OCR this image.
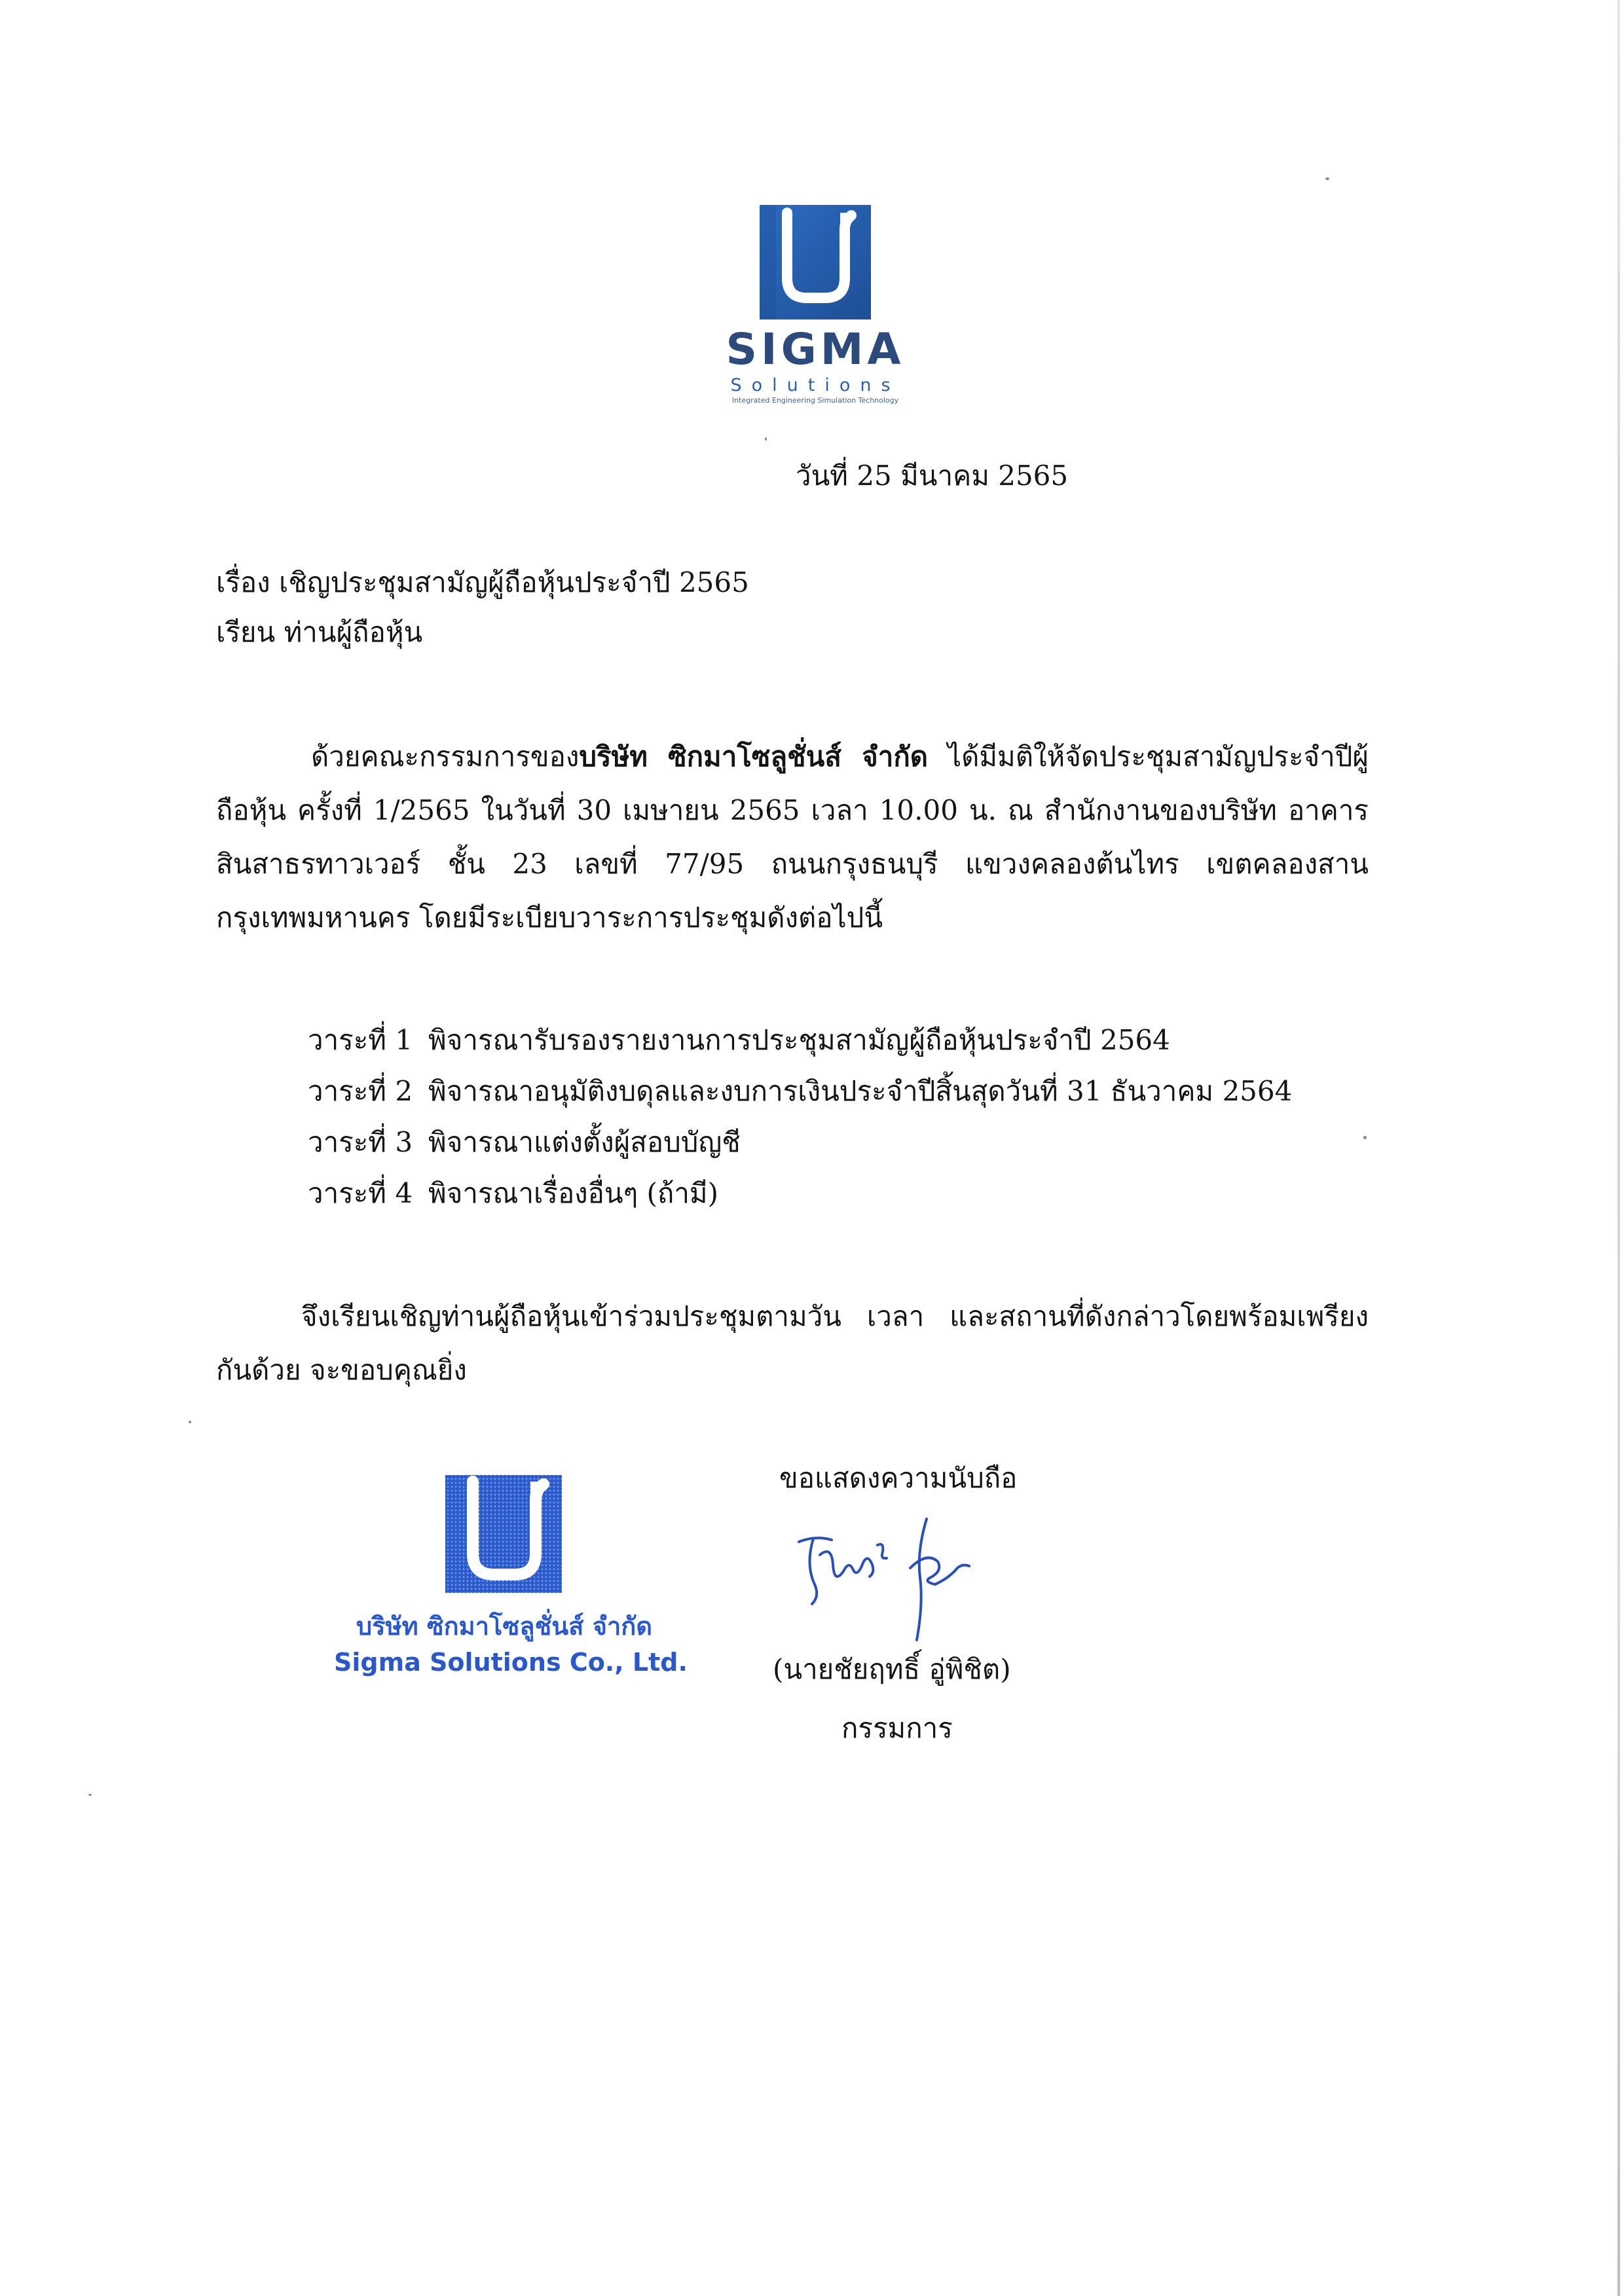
SIGMA
Solutions
Integrated Engineering Simulation Technology
วันที่ 25 มีนาคม 2565
เรื่อง เชิญประชุมสามัญผู้ถือหุ้นประจำปี 2565
เรียน ท่านผู้ถือหุ้น
ด้วยคณะกรรมการของบริษัท ซิกมาโซลูชั่นส์ จำกัด ได้มีมติให้จัดประชุมสามัญประจำปีผู้ถือหุ้น ครั้งที่ 1/2565 ในวันที่ 30 เมษายน 2565 เวลา 10.00 น. ณ สำนักงานของบริษัท อาคารสินสาธรทาวเวอร์ ชั้น 23 เลขที่ 77/95 ถนนกรุงธนบุรี แขวงคลองต้นไทร เขตคลองสาน กรุงเทพมหานคร โดยมีระเบียบวาระการประชุมดังต่อไปนี้
วาระที่ 1 พิจารณารับรองรายงานการประชุมสามัญผู้ถือหุ้นประจำปี 2564
วาระที่ 2 พิจารณาอนุมัติงบดุลและงบการเงินประจำปีสิ้นสุดวันที่ 31 ธันวาคม 2564
วาระที่ 3 พิจารณาแต่งตั้งผู้สอบบัญชี
วาระที่ 4 พิจารณาเรื่องอื่นๆ (ถ้ามี)
จึงเรียนเชิญท่านผู้ถือหุ้นเข้าร่วมประชุมตามวัน เวลา และสถานที่ดังกล่าวโดยพร้อมเพรียงกันด้วย จะขอบคุณยิ่ง
บริษัท ซิกมาโซลูชั่นส์ จำกัด
Sigma Solutions Co., Ltd.
ขอแสดงความนับถือ
(นายชัยฤทธิ์ อู่พิชิต)
กรรมการ
